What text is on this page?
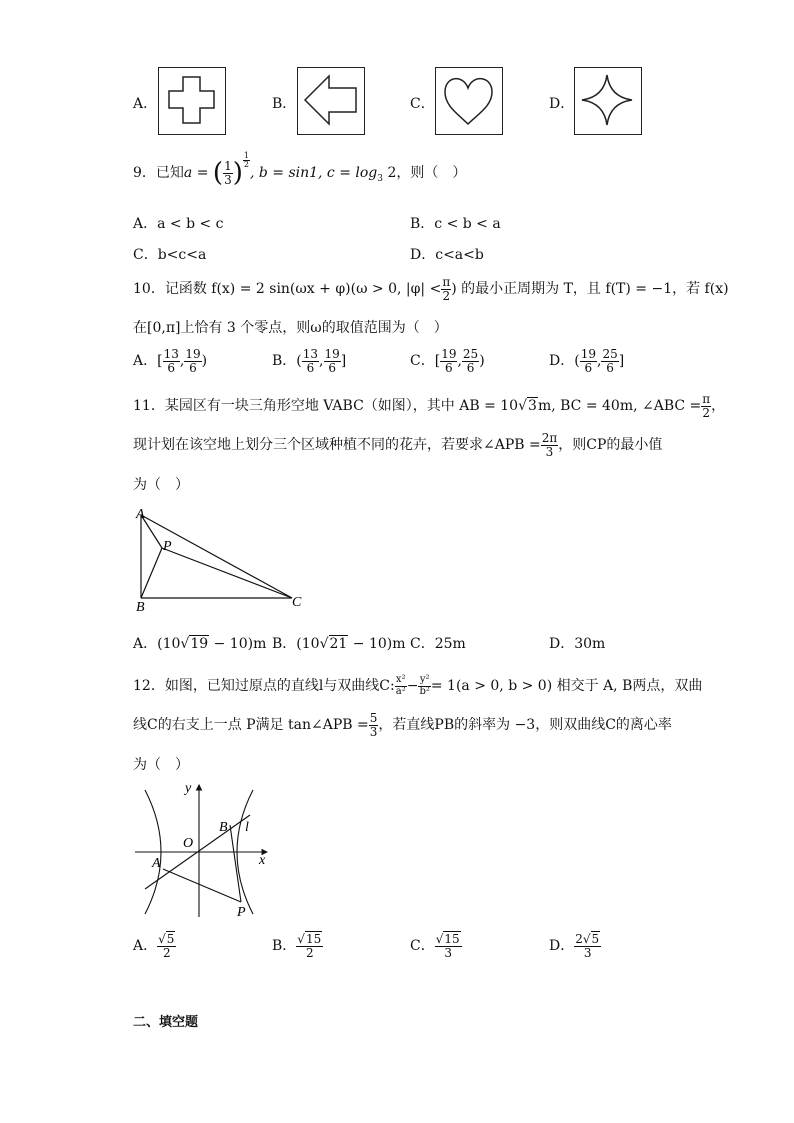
A．	B．	C．	D．
9．已知a = ( $\frac{1}{3}$ ) $\frac{1}{2}$
, b = sin1, $c = \log_3 2$，则（　）
A．a < b < c	B．c < b < a
C．b<c<a	D．c<a<b
10．记函数 f(x) = 2 sin(ωx + φ)(ω > 0, $|\varphi| < \frac{\pi}{2}$ ) 的最小正周期为 T，且 f(T) = −1，若 f(x)
在[0,π]上恰有 3 个零点，则ω的取值范围为（　）
A．[ $\frac{13}{6}$ , $\frac{19}{6}$ )	B．( $\frac{13}{6}$ , $\frac{19}{6}$ ]	C．[ $\frac{19}{6}$ , $\frac{25}{6}$ )	D．( $\frac{19}{6}$ , $\frac{25}{6}$ ]
11．某园区有一块三角形空地 VABC（如图），其中 AB = 10√3m, BC = 40m, ∠ABC = $\frac{\pi}{2}$ ，
现计划在该空地上划分三个区域种植不同的花卉，若要求∠APB = $\frac{2\pi}{3}$ ，则CP的最小值
为（　）
A
B	C
P
A．(10√19 − 10)m B．(10√21 − 10)m C．25m	D．30m
12．如图，已知过原点的直线l与双曲线C: $\frac{\text{x²}}{\text{a²}} - \frac{\text{y²}}{\text{b²}} = 1(a > 0$, b > 0) 相交于 A, B两点，双曲
线C的右支上一点 P满足 tan∠APB = $\frac{5}{3}$ ，若直线PB的斜率为 −3，则双曲线C的离心率
为（　）
y
x
O
A
B
P
l
A． $\frac{√5}{2}$	B． $\frac{√15}{2}$	C． $\frac{√15}{3}$	D． $\frac{2√5}{3}$
二、填空题
